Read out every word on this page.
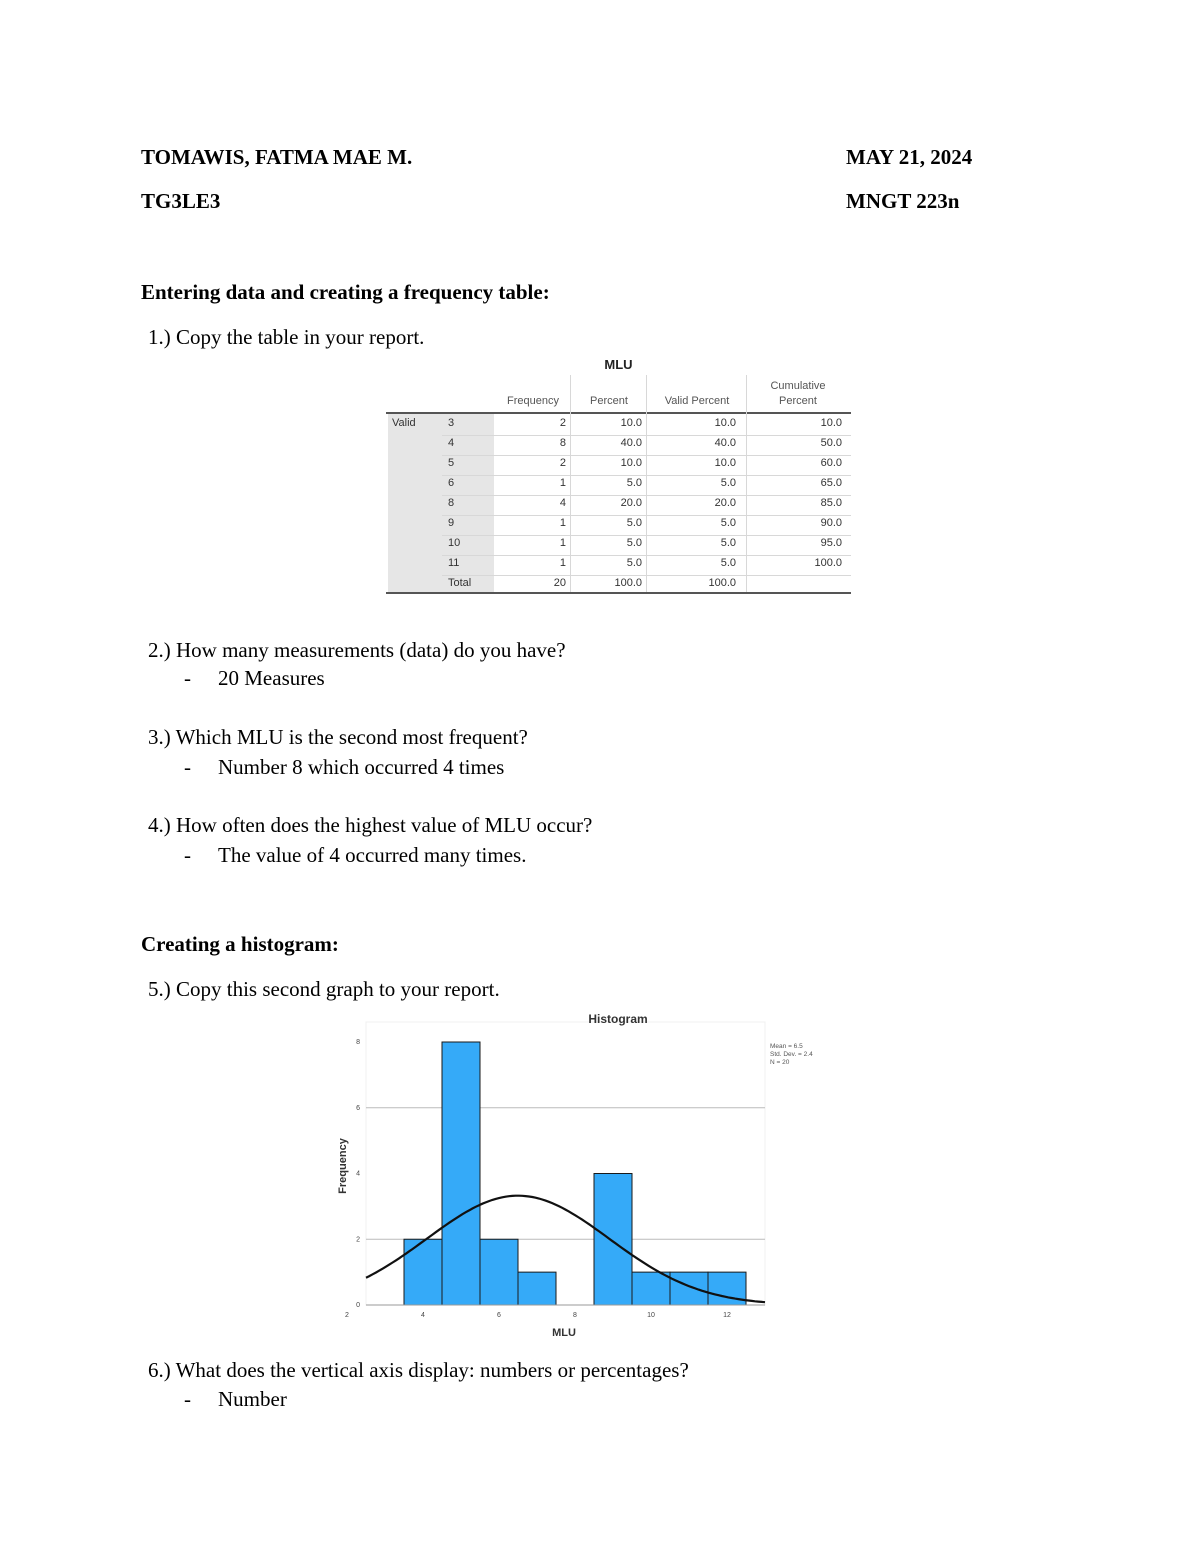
TOMAWIS, FATMA MAE M.	MAY 21, 2024
TG3LE3	MNGT 223n
Entering data and creating a frequency table:
1.) Copy the table in your report.
MLU
Frequency	Percent	Valid Percent
Cumulative
Percent
Valid	3	2	10.0	10.0	10.0
4	8	40.0	40.0	50.0
5	2	10.0	10.0	60.0
6	1	5.0	5.0	65.0
8	4	20.0	20.0	85.0
9	1	5.0	5.0	90.0
10	1	5.0	5.0	95.0
11	1	5.0	5.0	100.0
Total	20	100.0	100.0
2.) How many measurements (data) do you have?
- 20 Measures
3.) Which MLU is the second most frequent?
- Number 8 which occurred 4 times
4.) How often does the highest value of MLU occur?
- The value of 4 occurred many times.
Creating a histogram:
5.) Copy this second graph to your report.
2	4	6	8	10	12
0
2
4
6
8
Histogram
MLU
Frequency
Mean = 6.5
Std. Dev. = 2.4
N = 20
6.) What does the vertical axis display: numbers or percentages?
- Number
